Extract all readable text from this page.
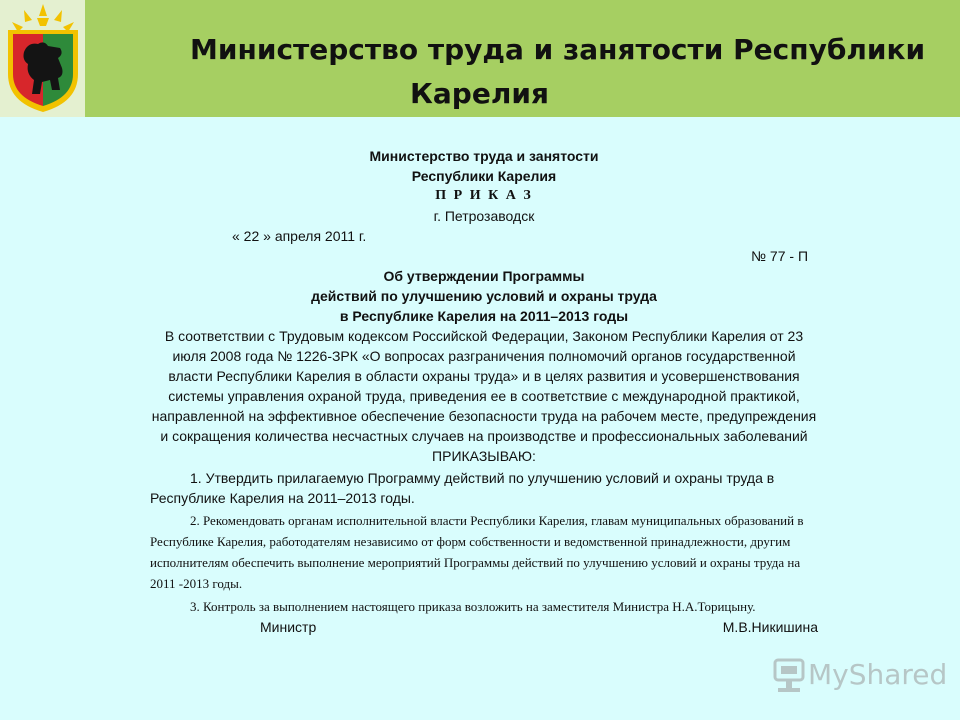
Министерство труда и занятости Республики
Карелия
Министерство труда и занятости
Республики Карелия
П Р И К А З
г. Петрозаводск
« 22 » апреля 2011 г.
№ 77 - П
Об утверждении Программы
действий по улучшению условий и охраны труда
в Республике Карелия на 2011–2013 годы
В соответствии с Трудовым кодексом Российской Федерации, Законом Республики Карелия от 23 июля 2008 года № 1226-ЗРК «О вопросах разграничения полномочий органов государственной власти Республики Карелия в области охраны труда» и в целях развития и усовершенствования системы управления охраной труда, приведения ее в соответствие с международной практикой, направленной на эффективное обеспечение безопасности труда на рабочем месте, предупреждения и сокращения количества несчастных случаев на производстве и профессиональных заболеваний
ПРИКАЗЫВАЮ:
1. Утвердить прилагаемую Программу действий по улучшению условий и охраны труда в Республике Карелия на 2011–2013 годы.
2. Рекомендовать органам исполнительной власти Республики Карелия, главам муниципальных образований в Республике Карелия, работодателям независимо от форм собственности и ведомственной принадлежности, другим исполнителям обеспечить выполнение мероприятий Программы действий по улучшению условий и охраны труда на 2011 -2013 годы.
3. Контроль за выполнением настоящего приказа возложить на заместителя Министра Н.А.Торицыну.
Министр	М.В.Никишина
MyShared
